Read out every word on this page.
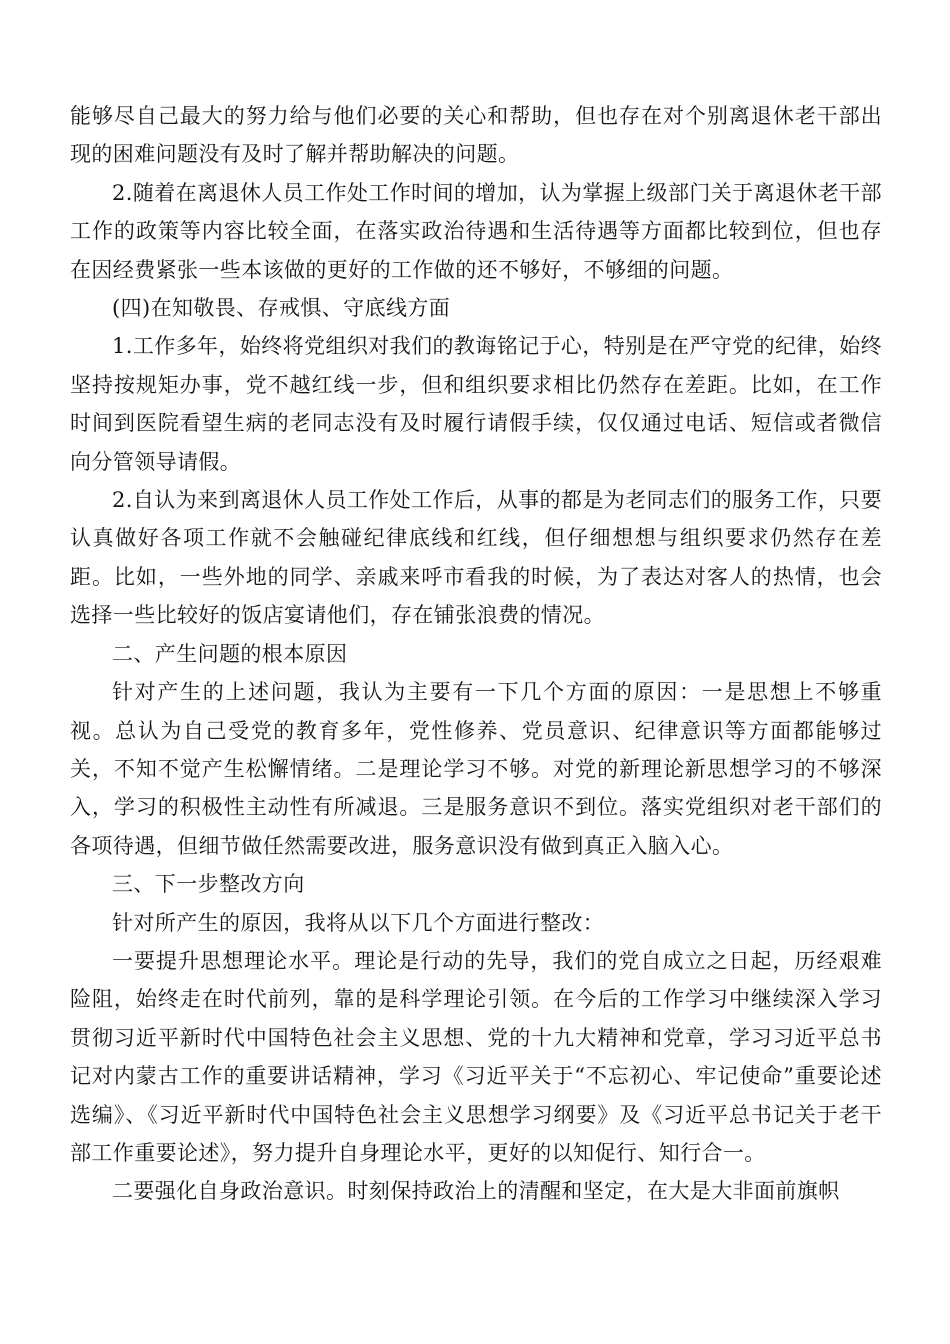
能够尽自己最大的努力给与他们必要的关心和帮助，但也存在对个别离退休老干部出现的困难问题没有及时了解并帮助解决的问题。

2.随着在离退休人员工作处工作时间的增加，认为掌握上级部门关于离退休老干部工作的政策等内容比较全面，在落实政治待遇和生活待遇等方面都比较到位，但也存在因经费紧张一些本该做的更好的工作做的还不够好，不够细的问题。

(四)在知敬畏、存戒惧、守底线方面

1.工作多年，始终将党组织对我们的教诲铭记于心，特别是在严守党的纪律，始终坚持按规矩办事，党不越红线一步，但和组织要求相比仍然存在差距。比如，在工作时间到医院看望生病的老同志没有及时履行请假手续，仅仅通过电话、短信或者微信向分管领导请假。

2.自认为来到离退休人员工作处工作后，从事的都是为老同志们的服务工作，只要认真做好各项工作就不会触碰纪律底线和红线，但仔细想想与组织要求仍然存在差距。比如，一些外地的同学、亲戚来呼市看我的时候，为了表达对客人的热情，也会选择一些比较好的饭店宴请他们，存在铺张浪费的情况。

二、产生问题的根本原因

针对产生的上述问题，我认为主要有一下几个方面的原因：一是思想上不够重视。总认为自己受党的教育多年，党性修养、党员意识、纪律意识等方面都能够过关，不知不觉产生松懈情绪。二是理论学习不够。对党的新理论新思想学习的不够深入，学习的积极性主动性有所减退。三是服务意识不到位。落实党组织对老干部们的各项待遇，但细节做任然需要改进，服务意识没有做到真正入脑入心。

三、下一步整改方向

针对所产生的原因，我将从以下几个方面进行整改：

一要提升思想理论水平。理论是行动的先导，我们的党自成立之日起，历经艰难险阻，始终走在时代前列，靠的是科学理论引领。在今后的工作学习中继续深入学习贯彻习近平新时代中国特色社会主义思想、党的十九大精神和党章，学习习近平总书记对内蒙古工作的重要讲话精神，学习《习近平关于“不忘初心、牢记使命”重要论述选编》、《习近平新时代中国特色社会主义思想学习纲要》及《习近平总书记关于老干部工作重要论述》，努力提升自身理论水平，更好的以知促行、知行合一。

二要强化自身政治意识。时刻保持政治上的清醒和坚定，在大是大非面前旗帜
